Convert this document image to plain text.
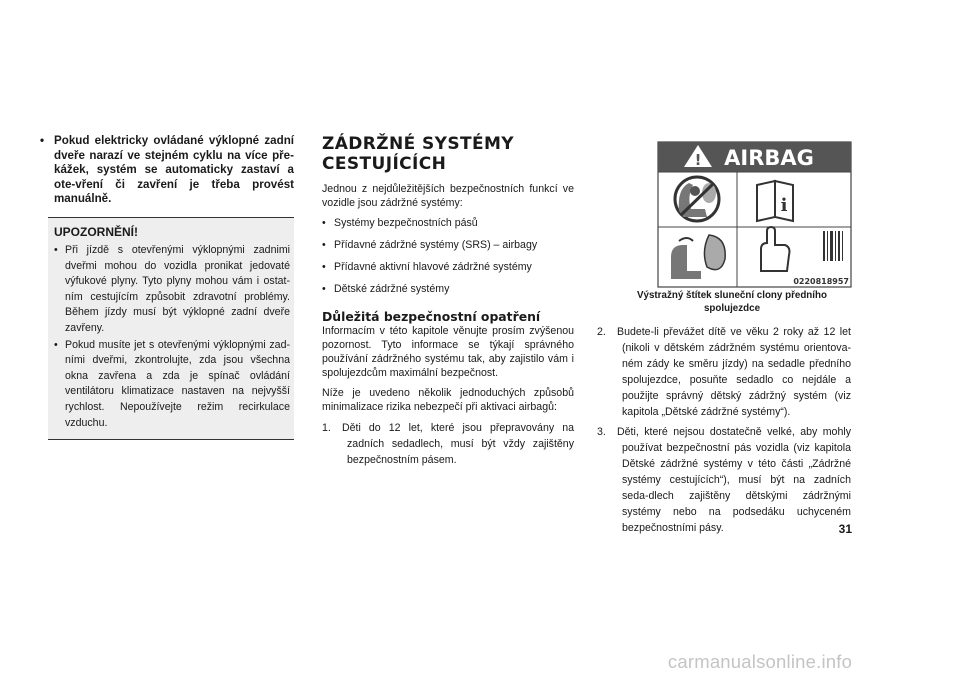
• Pokud elektricky ovládané výklopné zadní dveře narazí ve stejném cyklu na více pře-kážek, systém se automaticky zastaví a ote-vření či zavření je třeba provést manuálně.

UPOZORNĚNÍ!

• Při jízdě s otevřenými výklopnými zadnimi dveřmi mohou do vozidla pronikat jedovaté výfukové plyny. Tyto plyny mohou vám i ostat-ním cestujícím způsobit zdravotní problémy. Během jízdy musí být výklopné zadní dveře zavřeny.

• Pokud musíte jet s otevřenými výklopnými zad-ními dveřmi, zkontrolujte, zda jsou všechna okna zavřena a zda je spínač ovládání ventilátoru klimatizace nastaven na nejvyšší rychlost. Nepoužívejte režim recirkulace vzduchu.

ZÁDRŽNÉ SYSTÉMY CESTUJÍCÍCH

Jednou z nejdůležitějších bezpečnostních funkcí ve vozidle jsou zádržné systémy:

• Systémy bezpečnostních pásů
• Přídavné zádržné systémy (SRS) – airbagy
• Přídavné aktivní hlavové zádržné systémy
• Dětské zádržné systémy
Důležitá bezpečnostní opatření

Informacím v této kapitole věnujte prosím zvýšenou pozornost. Tyto informace se týkají správného používání zádržného systému tak, aby zajistilo vám i spolujezdcům maximální bezpečnost.

Níže je uvedeno několik jednoduchých způsobů minimalizace rizika nebezpečí při aktivaci airbagů:

1. Děti do 12 let, které jsou přepravovány na zadních sedadlech, musí být vždy zajištěny bezpečnostním pásem.

! AIRBAG
i
0220818957

Výstražný štítek sluneční clony předního spolujezdce

2. Budete-li převážet dítě ve věku 2 roky až 12 let (nikoli v dětském zádržném systému orientova-ném zády ke směru jízdy) na sedadle předního spolujezdce, posuňte sedadlo co nejdále a použijte správný dětský zádržný systém (viz kapitola „Dětské zádržné systémy“).

3. Děti, které nejsou dostatečně velké, aby mohly používat bezpečnostní pás vozidla (viz kapitola Dětské zádržné systémy v této části „Zádržné systémy cestujících“), musí být na zadních seda-dlech zajištěny dětskými zádržnými systémy nebo na podsedáku uchyceném bezpečnostními pásy.	31
carmanualsonline.info
